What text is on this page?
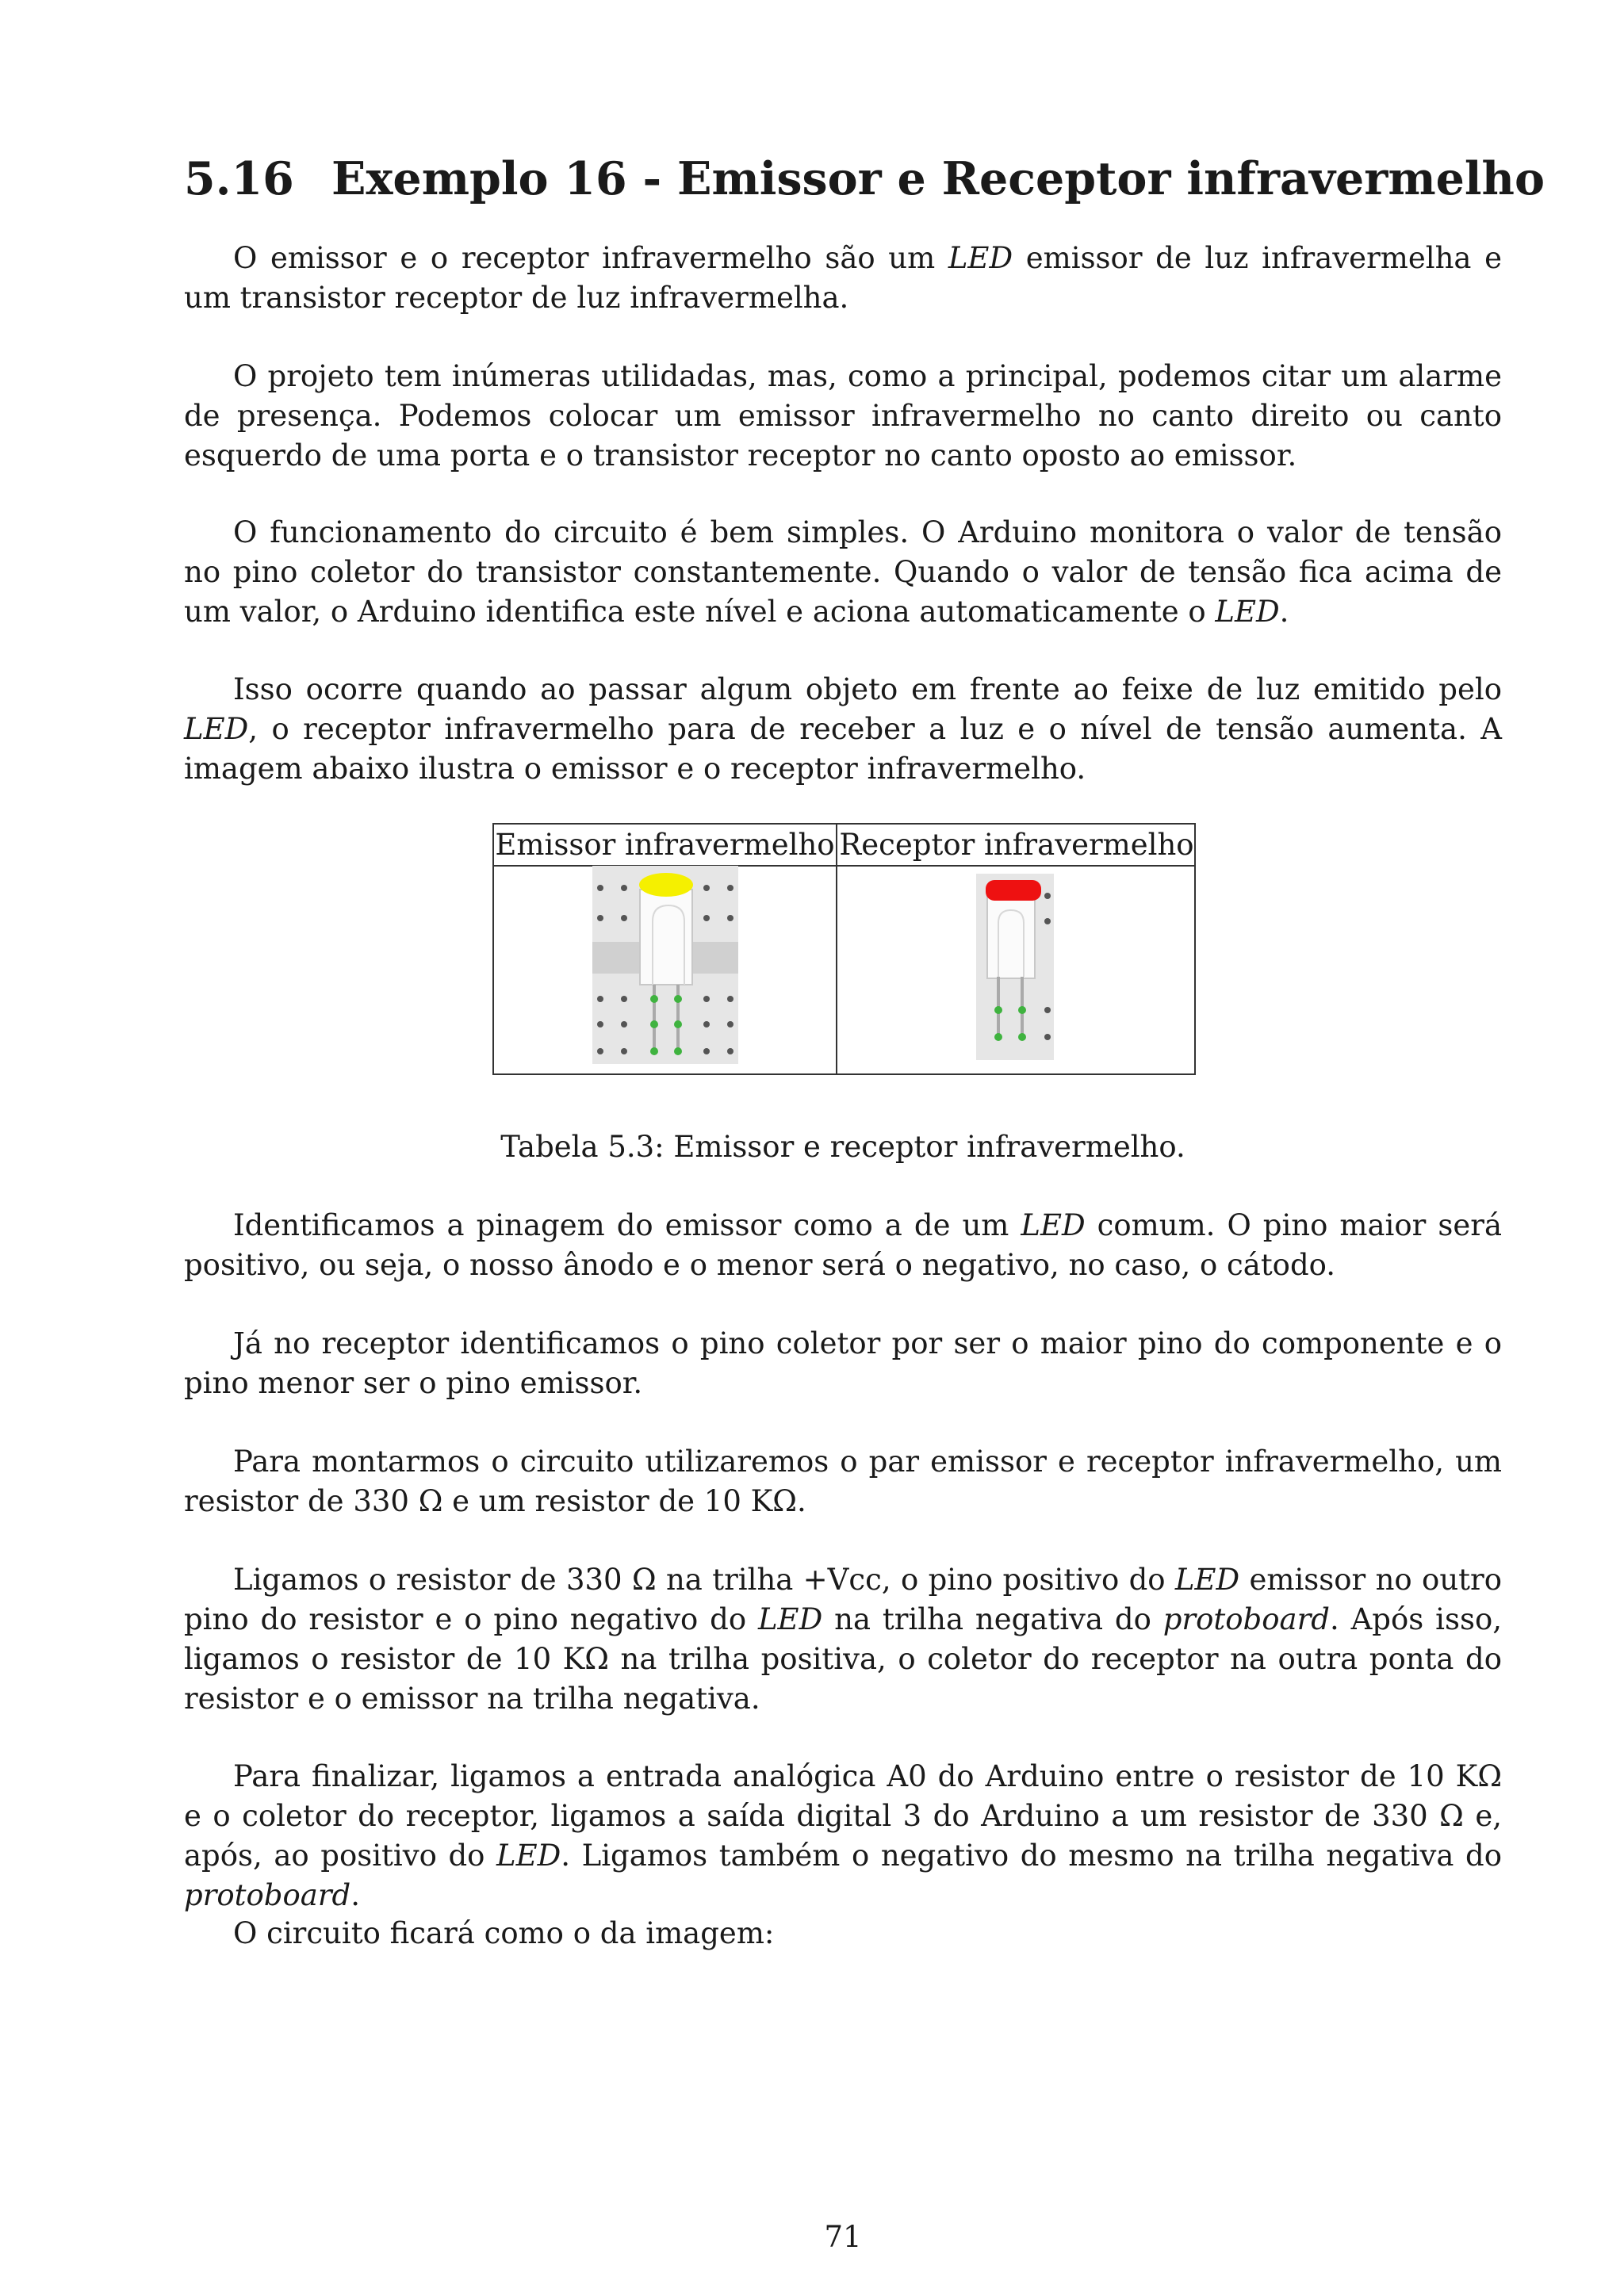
5.16 Exemplo 16 - Emissor e Receptor infravermelho

O emissor e o receptor infravermelho são um LED emissor de luz infravermelha e um transistor receptor de luz infravermelha.

O projeto tem inúmeras utilidadas, mas, como a principal, podemos citar um alarme de presença. Podemos colocar um emissor infravermelho no canto direito ou canto esquerdo de uma porta e o transistor receptor no canto oposto ao emissor.

O funcionamento do circuito é bem simples. O Arduino monitora o valor de tensão no pino coletor do transistor constantemente. Quando o valor de tensão fica acima de um valor, o Arduino identifica este nível e aciona automaticamente o LED.

Isso ocorre quando ao passar algum objeto em frente ao feixe de luz emitido pelo LED, o receptor infravermelho para de receber a luz e o nível de tensão aumenta. A imagem abaixo ilustra o emissor e o receptor infravermelho.

Emissor infravermelho Receptor infravermelho

Tabela 5.3: Emissor e receptor infravermelho.

Identificamos a pinagem do emissor como a de um LED comum. O pino maior será positivo, ou seja, o nosso ânodo e o menor será o negativo, no caso, o cátodo.

Já no receptor identificamos o pino coletor por ser o maior pino do componente e o pino menor ser o pino emissor.

Para montarmos o circuito utilizaremos o par emissor e receptor infravermelho, um resistor de 330 Ω e um resistor de 10 KΩ.

Ligamos o resistor de 330 Ω na trilha +Vcc, o pino positivo do LED emissor no outro pino do resistor e o pino negativo do LED na trilha negativa do protoboard. Após isso, ligamos o resistor de 10 KΩ na trilha positiva, o coletor do receptor na outra ponta do resistor e o emissor na trilha negativa.

Para finalizar, ligamos a entrada analógica A0 do Arduino entre o resistor de 10 KΩ e o coletor do receptor, ligamos a saída digital 3 do Arduino a um resistor de 330 Ω e, após, ao positivo do LED. Ligamos também o negativo do mesmo na trilha negativa do protoboard.

O circuito ficará como o da imagem:

71
